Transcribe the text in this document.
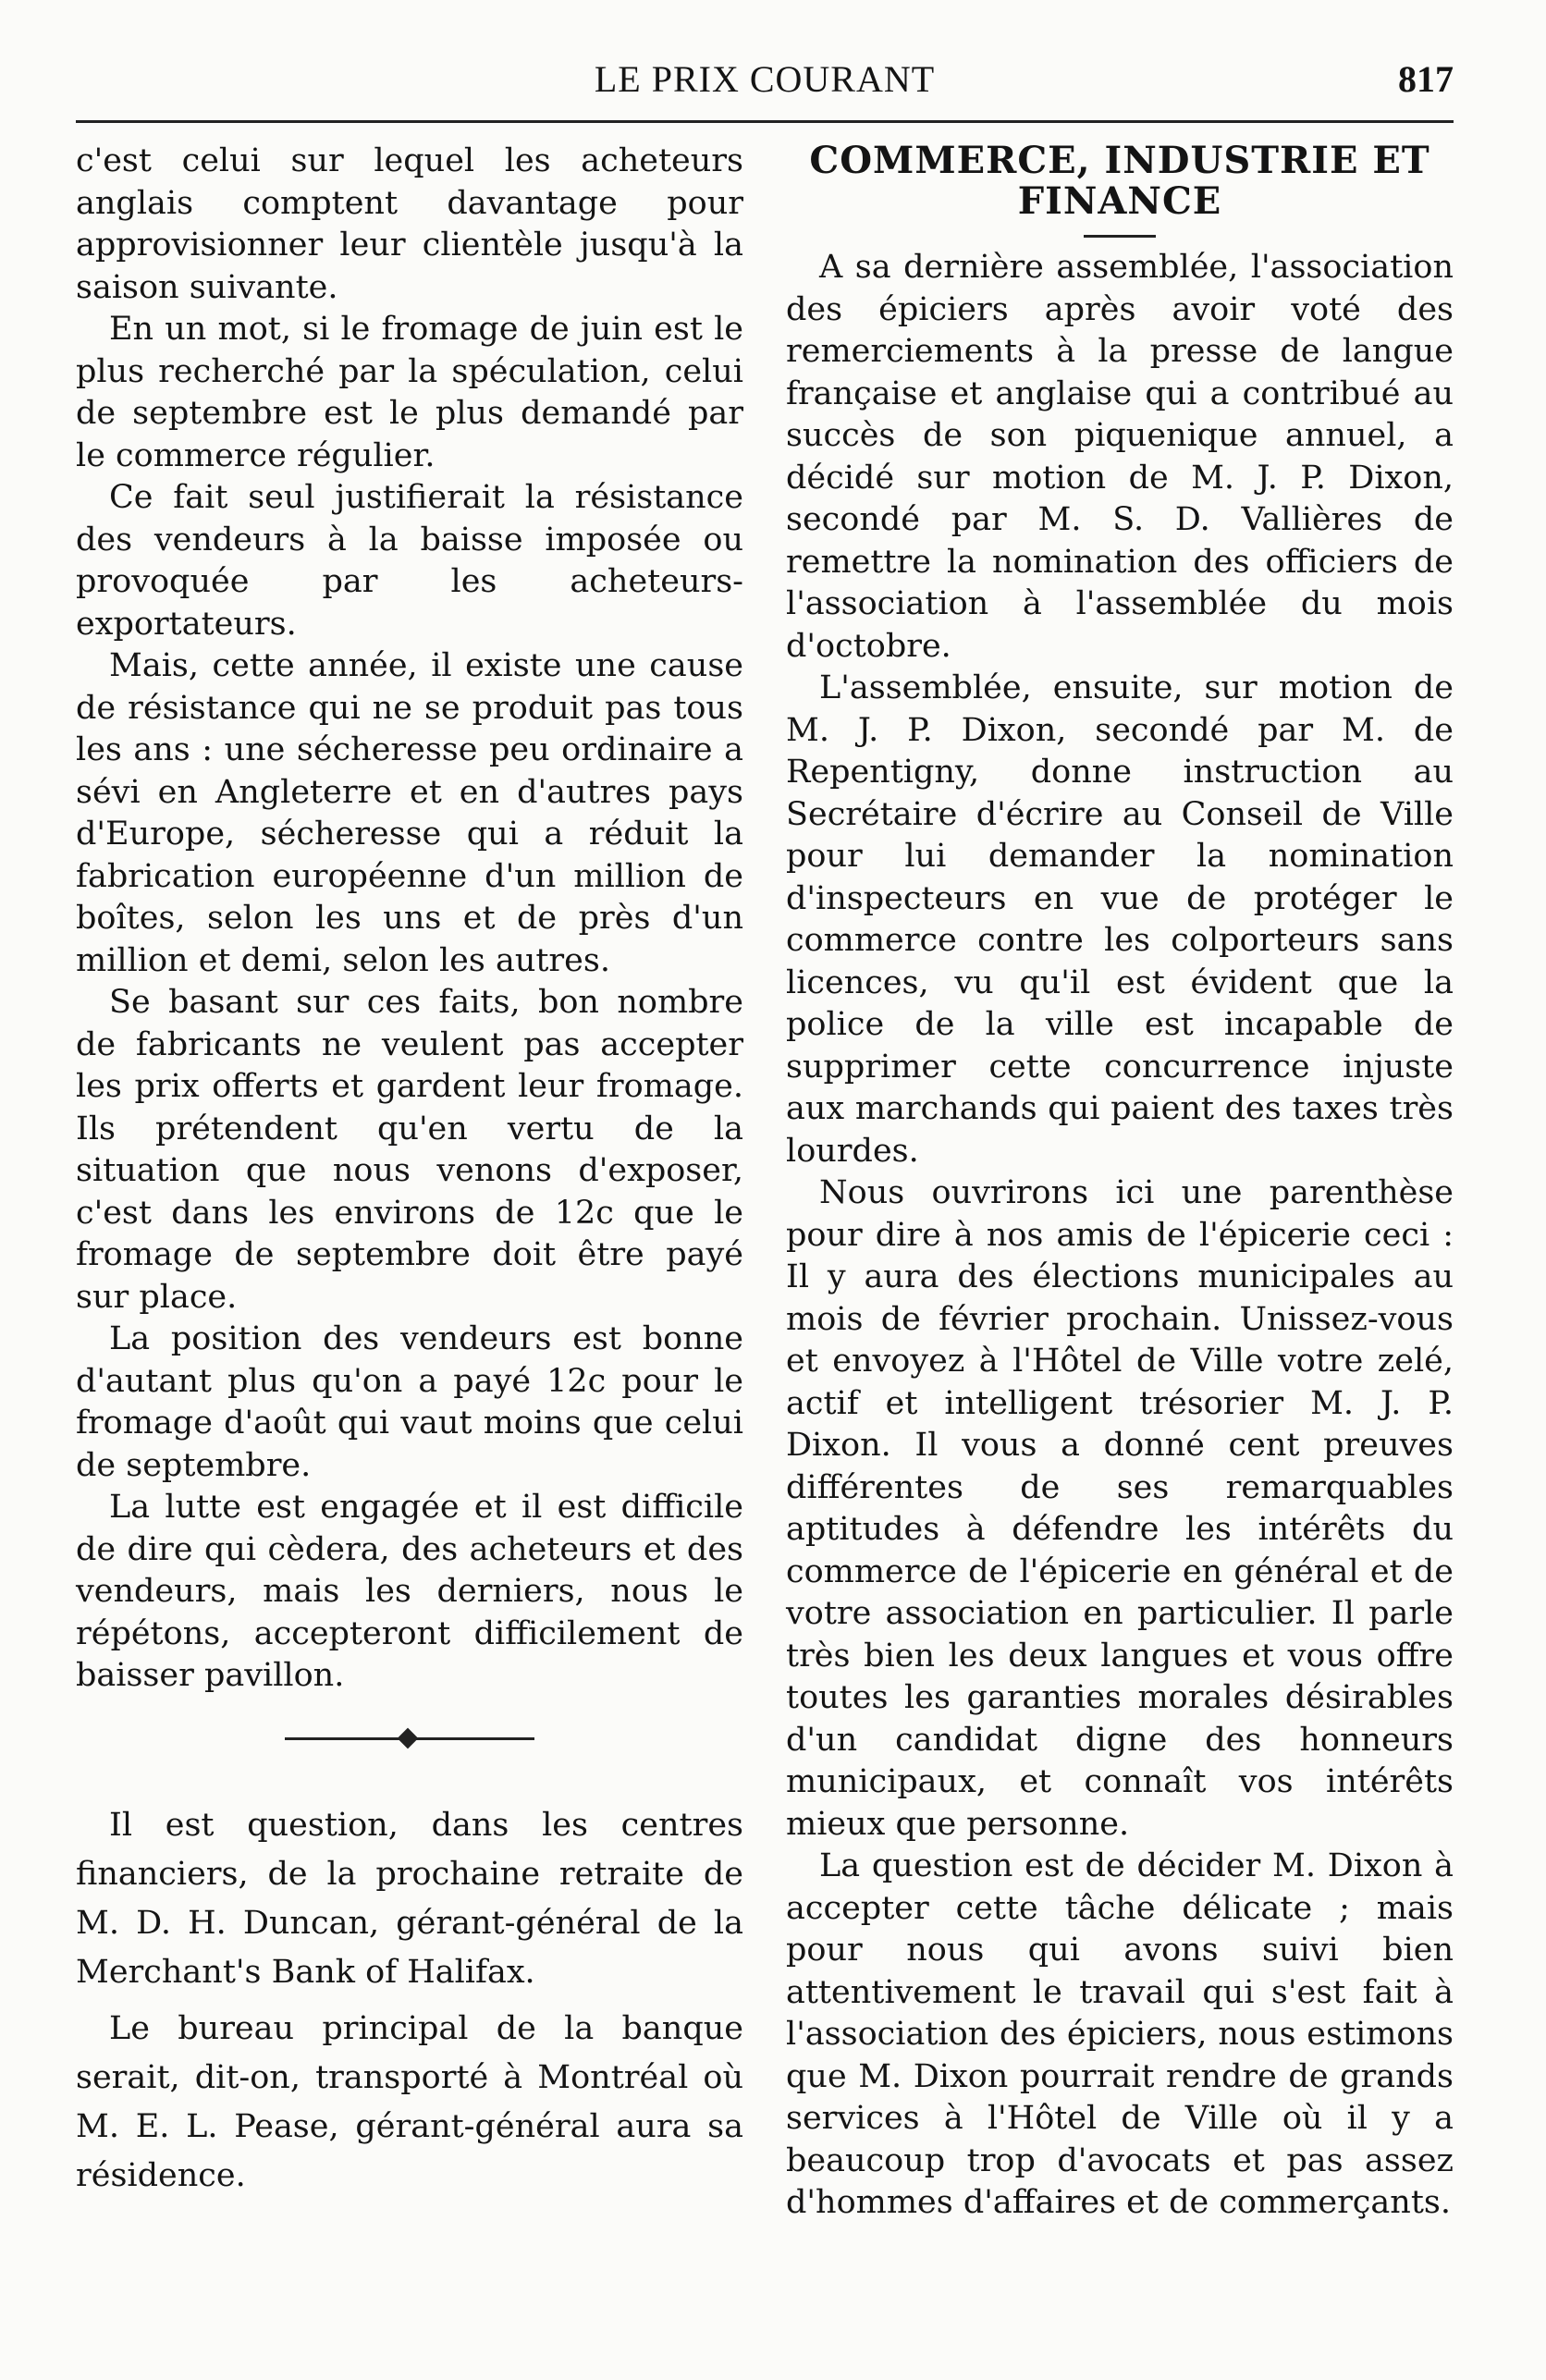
LE PRIX COURANT	817

c'est celui sur lequel les acheteurs anglais comptent davantage pour approvisionner leur clientèle jusqu'à la saison suivante.

En un mot, si le fromage de juin est le plus recherché par la spéculation, celui de septembre est le plus demandé par le commerce régulier.

Ce fait seul justifierait la résistance des vendeurs à la baisse imposée ou provoquée par les acheteurs-exportateurs.

Mais, cette année, il existe une cause de résistance qui ne se produit pas tous les ans : une sécheresse peu ordinaire a sévi en Angleterre et en d'autres pays d'Europe, sécheresse qui a réduit la fabrication européenne d'un million de boîtes, selon les uns et de près d'un million et demi, selon les autres.

Se basant sur ces faits, bon nombre de fabricants ne veulent pas accepter les prix offerts et gardent leur fromage. Ils prétendent qu'en vertu de la situation que nous venons d'exposer, c'est dans les environs de 12c que le fromage de septembre doit être payé sur place.

La position des vendeurs est bonne d'autant plus qu'on a payé 12c pour le fromage d'août qui vaut moins que celui de septembre.

La lutte est engagée et il est difficile de dire qui cèdera, des acheteurs et des vendeurs, mais les derniers, nous le répétons, accepteront difficilement de baisser pavillon.

Il est question, dans les centres financiers, de la prochaine retraite de M. D. H. Duncan, gérant-général de la Merchant's Bank of Halifax.

Le bureau principal de la banque serait, dit-on, transporté à Montréal où M. E. L. Pease, gérant-général aura sa résidence.

COMMERCE, INDUSTRIE ET FINANCE

A sa dernière assemblée, l'association des épiciers après avoir voté des remerciements à la presse de langue française et anglaise qui a contribué au succès de son piquenique annuel, a décidé sur motion de M. J. P. Dixon, secondé par M. S. D. Vallières de remettre la nomination des officiers de l'association à l'assemblée du mois d'octobre.

L'assemblée, ensuite, sur motion de M. J. P. Dixon, secondé par M. de Repentigny, donne instruction au Secrétaire d'écrire au Conseil de Ville pour lui demander la nomination d'inspecteurs en vue de protéger le commerce contre les colporteurs sans licences, vu qu'il est évident que la police de la ville est incapable de supprimer cette concurrence injuste aux marchands qui paient des taxes très lourdes.

Nous ouvrirons ici une parenthèse pour dire à nos amis de l'épicerie ceci : Il y aura des élections municipales au mois de février prochain. Unissez-vous et envoyez à l'Hôtel de Ville votre zelé, actif et intelligent trésorier M. J. P. Dixon. Il vous a donné cent preuves différentes de ses remarquables aptitudes à défendre les intérêts du commerce de l'épicerie en général et de votre association en particulier. Il parle très bien les deux langues et vous offre toutes les garanties morales désirables d'un candidat digne des honneurs municipaux, et connaît vos intérêts mieux que personne.

La question est de décider M. Dixon à accepter cette tâche délicate ; mais pour nous qui avons suivi bien attentivement le travail qui s'est fait à l'association des épiciers, nous estimons que M. Dixon pourrait rendre de grands services à l'Hôtel de Ville où il y a beaucoup trop d'avocats et pas assez d'hommes d'affaires et de commerçants.
